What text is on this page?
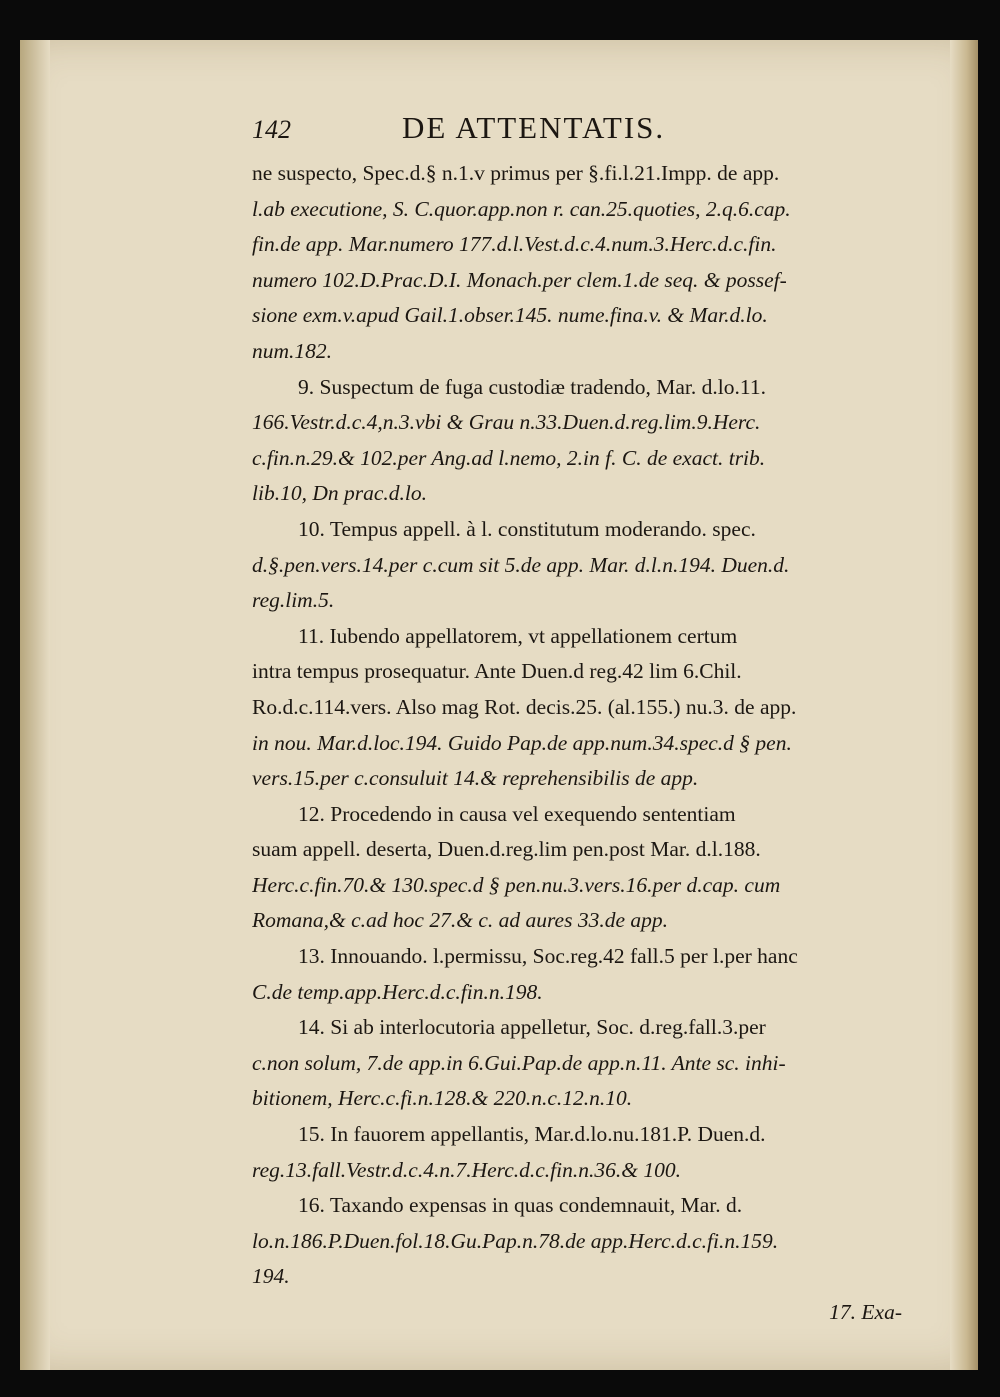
142	DE ATTENTATIS.
ne suspecto, Spec.d.§ n.1.v primus per §.fi.l.21.Impp. de app.
l.ab executione, S. C.quor.app.non r. can.25.quoties, 2.q.6.cap.
fin.de app. Mar.numero 177.d.l.Vest.d.c.4.num.3.Herc.d.c.fin.
numero 102.D.Prac.D.I. Monach.per clem.1.de seq. & possef-
sione exm.v.apud Gail.1.obser.145. nume.fina.v. & Mar.d.lo.
num.182.
9. Suspectum de fuga custodiæ tradendo, Mar. d.lo.11.
166.Vestr.d.c.4,n.3.vbi & Grau n.33.Duen.d.reg.lim.9.Herc.
c.fin.n.29.& 102.per Ang.ad l.nemo, 2.in f. C. de exact. trib.
lib.10, Dn prac.d.lo.
10. Tempus appell. à l. constitutum moderando. spec.
d.§.pen.vers.14.per c.cum sit 5.de app. Mar. d.l.n.194. Duen.d.
reg.lim.5.
11. Iubendo appellatorem, vt appellationem certum
intra tempus prosequatur. Ante Duen.d reg.42 lim 6.Chil.
Ro.d.c.114.vers. Also mag Rot. decis.25. (al.155.) nu.3. de app.
in nou. Mar.d.loc.194. Guido Pap.de app.num.34.spec.d § pen.
vers.15.per c.consuluit 14.& reprehensibilis de app.
12. Procedendo in causa vel exequendo sententiam
suam appell. deserta, Duen.d.reg.lim pen.post Mar. d.l.188.
Herc.c.fin.70.& 130.spec.d § pen.nu.3.vers.16.per d.cap. cum
Romana,& c.ad hoc 27.& c. ad aures 33.de app.
13. Innouando. l.permissu, Soc.reg.42 fall.5 per l.per hanc
C.de temp.app.Herc.d.c.fin.n.198.
14. Si ab interlocutoria appelletur, Soc. d.reg.fall.3.per
c.non solum, 7.de app.in 6.Gui.Pap.de app.n.11. Ante sc. inhi-
bitionem, Herc.c.fi.n.128.& 220.n.c.12.n.10.
15. In fauorem appellantis, Mar.d.lo.nu.181.P. Duen.d.
reg.13.fall.Vestr.d.c.4.n.7.Herc.d.c.fin.n.36.& 100.
16. Taxando expensas in quas condemnauit, Mar. d.
lo.n.186.P.Duen.fol.18.Gu.Pap.n.78.de app.Herc.d.c.fi.n.159.
194.
17. Exa-
